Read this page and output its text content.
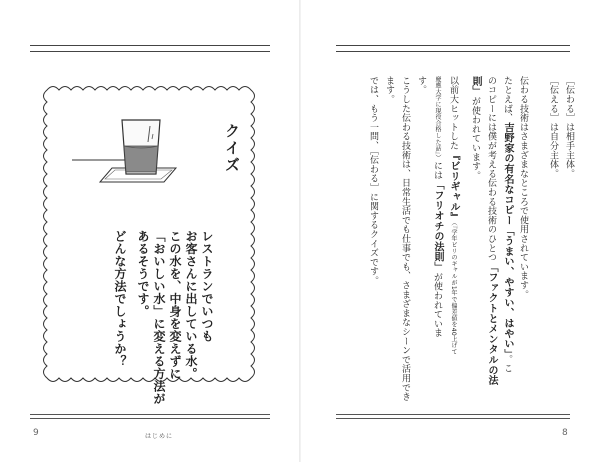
クイズ
レストランでいつも
お客さんに出している水。
この水を、中身を変えずに
「おいしい水」に変える方法が
あるそうです。
どんな方法でしょうか？
9	はじめに
［伝わる］は相手主体。
［伝える］は自分主体。
伝わる技術はさまざまなところで使用されています。
たとえば、吉野家の有名なコピー「うまい、やすい、はやい」。こ
のコピーには僕が考える伝わる技術のひとつ「ファクトとメンタルの法
則」が使われています。
以前大ヒットした『ビリギャル』（『学年ビリのギャルが1年で偏差値を40上げて
慶應大学に現役合格した話』）には「フリオチの法則」が使われていま
す。
こうした伝わる技術は、日常生活でも仕事でも、さまざまなシーンで活用でき
ます。
では、もう一問、［伝わる］に関するクイズです。
8
